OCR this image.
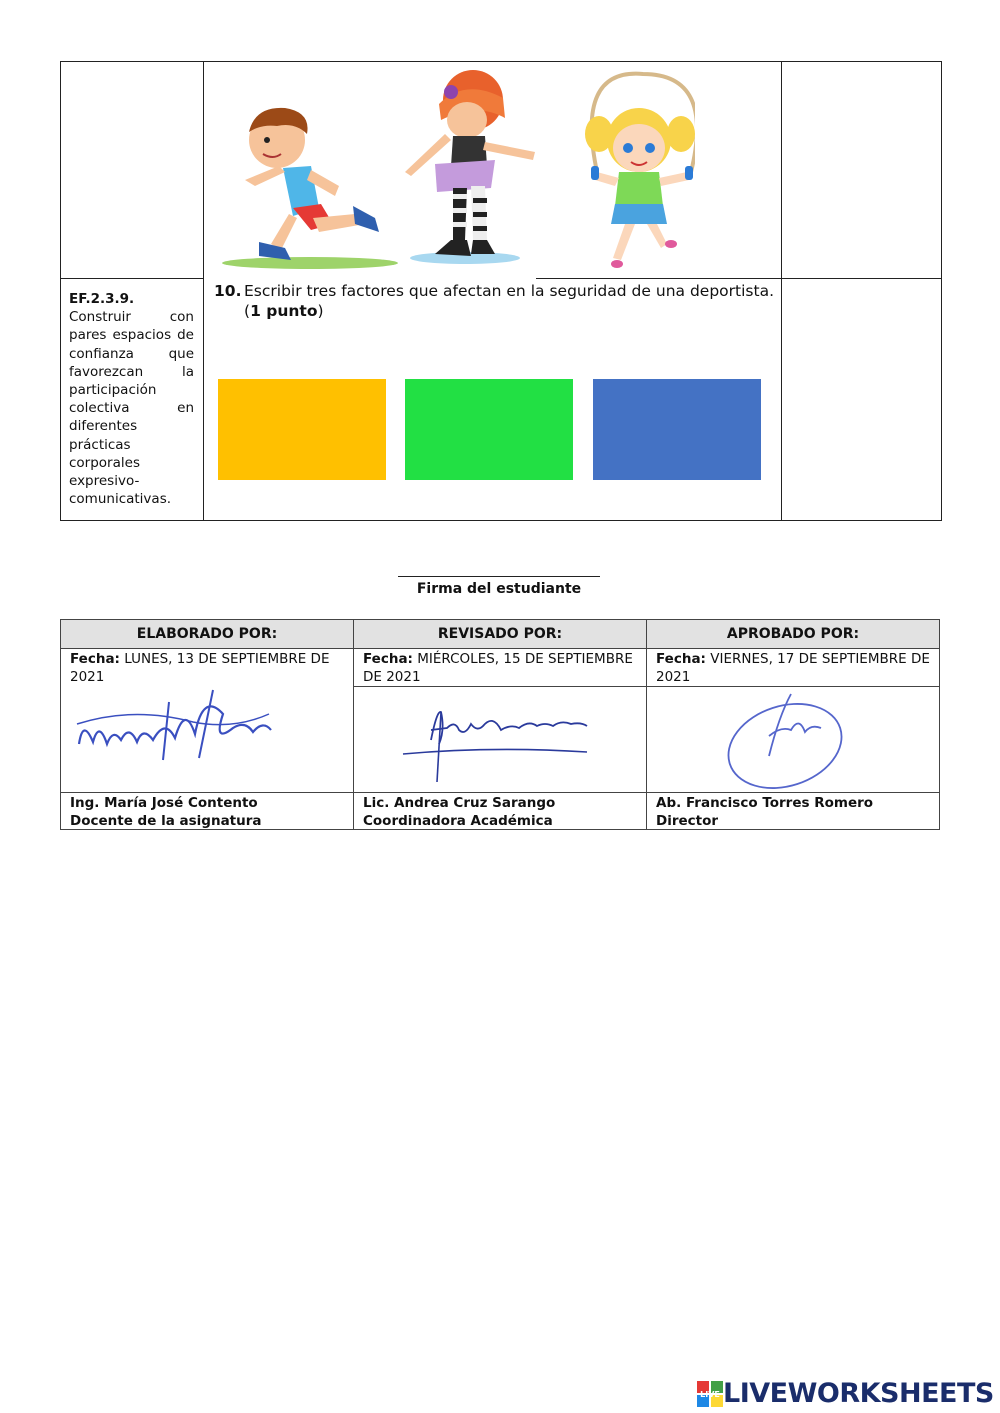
EF.2.3.9.
Construir con pares espacios de confianza que favorezcan la participación colectiva en diferentes prácticas corporales expresivo-comunicativas.
10. Escribir tres factores que afectan en la seguridad de una deportista. (1 punto)
Firma del estudiante
ELABORADO POR:	REVISADO POR:	APROBADO POR:
Fecha: LUNES, 13 DE SEPTIEMBRE DE 2021
Ing. María José Contento
Docente de la asignatura
Fecha: MIÉRCOLES, 15 DE SEPTIEMBRE DE 2021
Lic. Andrea Cruz Sarango
Coordinadora Académica
Fecha: VIERNES, 17 DE SEPTIEMBRE DE 2021
Ab. Francisco Torres Romero
Director
LIVE LIVEWORKSHEETS
